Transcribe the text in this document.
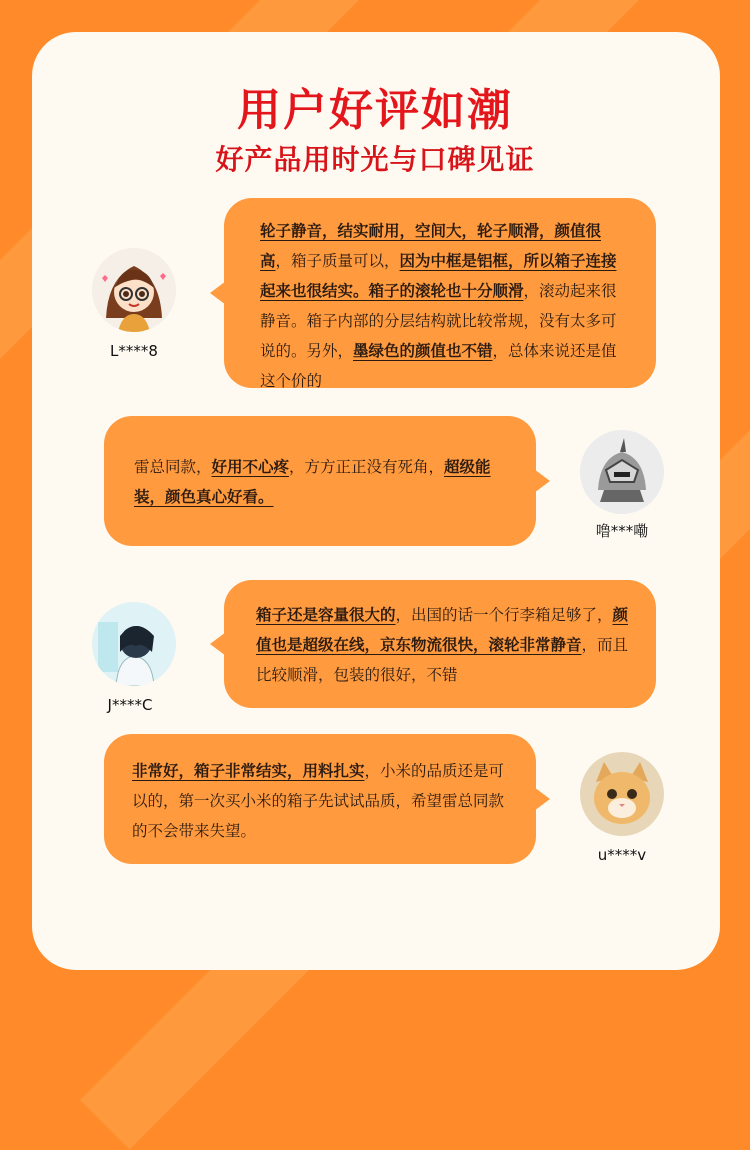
用户好评如潮
好产品用时光与口碑见证
L****8
轮子静音，结实耐用，空间大，轮子顺滑，颜值很高，箱子质量可以，因为中框是铝框，所以箱子连接起来也很结实。箱子的滚轮也十分顺滑，滚动起来很静音。箱子内部的分层结构就比较常规，没有太多可说的。另外，墨绿色的颜值也不错，总体来说还是值这个价的
雷总同款，好用不心疼，方方正正没有死角，超级能装，颜色真心好看。
噜***嘞
J****C
箱子还是容量很大的，出国的话一个行李箱足够了，颜值也是超级在线，京东物流很快，滚轮非常静音，而且比较顺滑，包装的很好，不错
非常好，箱子非常结实，用料扎实，小米的品质还是可以的，第一次买小米的箱子先试试品质，希望雷总同款的不会带来失望。
u****v
